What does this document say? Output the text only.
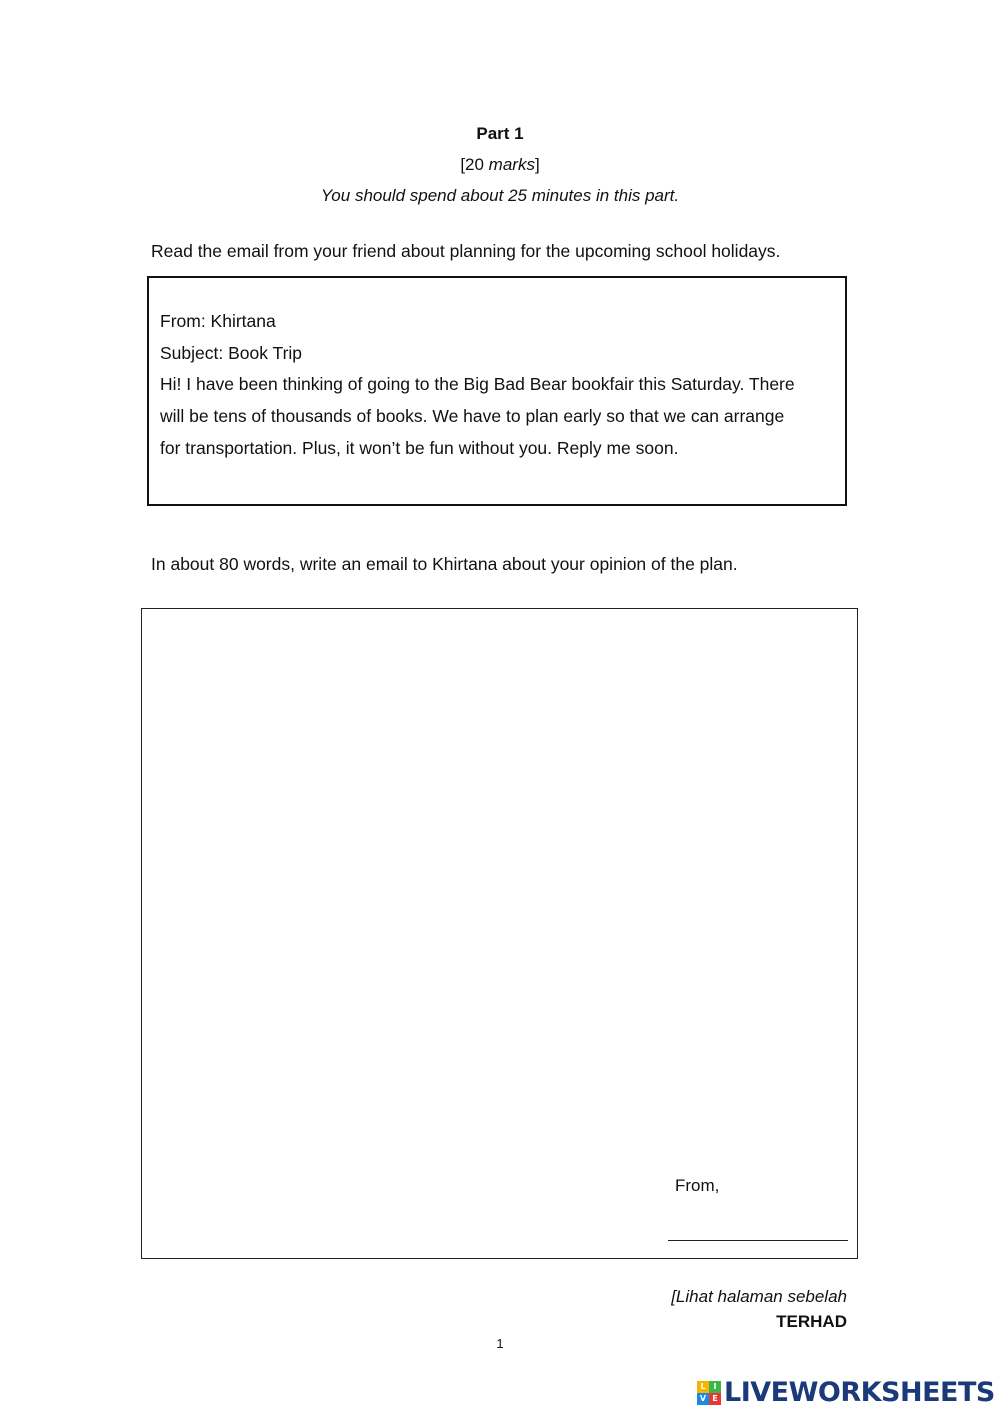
Part 1
[20 marks]
You should spend about 25 minutes in this part.
Read the email from your friend about planning for the upcoming school holidays.
From: Khirtana
Subject: Book Trip
Hi! I have been thinking of going to the Big Bad Bear bookfair this Saturday. There
will be tens of thousands of books. We have to plan early so that we can arrange
for transportation. Plus, it won’t be fun without you. Reply me soon.
In about 80 words, write an email to Khirtana about your opinion of the plan.
From,
[Lihat halaman sebelah
TERHAD
1
L I
V E LIVEWORKSHEETS
